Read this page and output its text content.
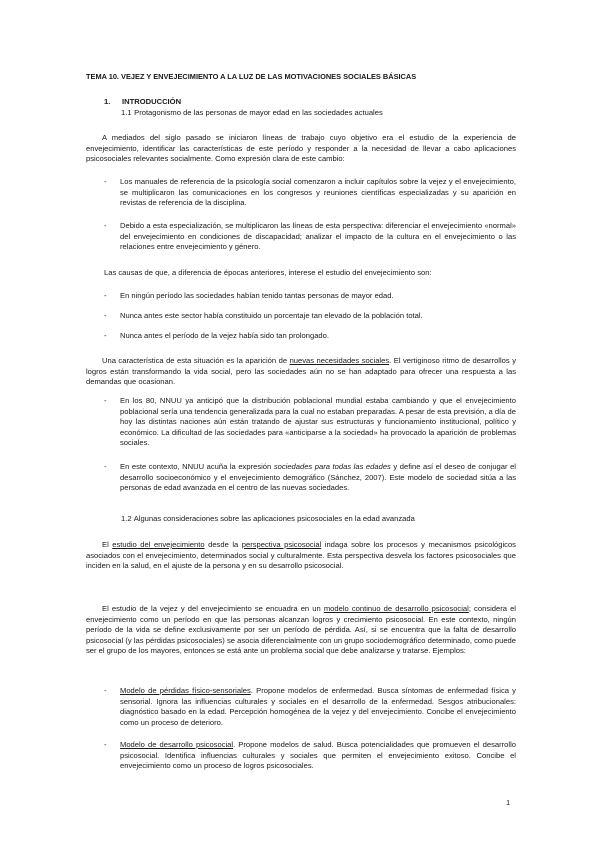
TEMA 10. VEJEZ Y ENVEJECIMIENTO A LA LUZ DE LAS MOTIVACIONES SOCIALES BÁSICAS
1. INTRODUCCIÓN
1.1 Protagonismo de las personas de mayor edad en las sociedades actuales
A mediados del siglo pasado se iniciaron líneas de trabajo cuyo objetivo era el estudio de la experiencia de envejecimiento, identificar las características de este período y responder a la necesidad de llevar a cabo aplicaciones psicosociales relevantes socialmente. Como expresión clara de este cambio:
- Los manuales de referencia de la psicología social comenzaron a incluir capítulos sobre la vejez y el envejecimiento, se multiplicaron las comunicaciones en los congresos y reuniones científicas especializadas y su aparición en revistas de referencia de la disciplina.
- Debido a esta especialización, se multiplicaron las líneas de esta perspectiva: diferenciar el envejecimiento «normal» del envejecimiento en condiciones de discapacidad; analizar el impacto de la cultura en el envejecimiento o las relaciones entre envejecimiento y género.
Las causas de que, a diferencia de épocas anteriores, interese el estudio del envejecimiento son:
- En ningún período las sociedades habían tenido tantas personas de mayor edad.
- Nunca antes este sector había constituido un porcentaje tan elevado de la población total.
- Nunca antes el período de la vejez había sido tan prolongado.
Una característica de esta situación es la aparición de nuevas necesidades sociales. El vertiginoso ritmo de desarrollos y logros están transformando la vida social, pero las sociedades aún no se han adaptado para ofrecer una respuesta a las demandas que ocasionan.
- En los 80, NNUU ya anticipó que la distribución poblacional mundial estaba cambiando y que el envejecimiento poblacional sería una tendencia generalizada para la cual no estaban preparadas. A pesar de esta previsión, a día de hoy las distintas naciones aún están tratando de ajustar sus estructuras y funcionamiento institucional, político y económico. La dificultad de las sociedades para «anticiparse a la sociedad» ha provocado la aparición de problemas sociales.
- En este contexto, NNUU acuña la expresión sociedades para todas las edades y define así el deseo de conjugar el desarrollo socioeconómico y el envejecimiento demográfico (Sánchez, 2007). Este modelo de sociedad sitúa a las personas de edad avanzada en el centro de las nuevas sociedades.
1.2 Algunas consideraciones sobre las aplicaciones psicosociales en la edad avanzada
El estudio del envejecimiento desde la perspectiva psicosocial indaga sobre los procesos y mecanismos psicológicos asociados con el envejecimiento, determinados social y culturalmente. Esta perspectiva desvela los factores psicosociales que inciden en la salud, en el ajuste de la persona y en su desarrollo psicosocial.
El estudio de la vejez y del envejecimiento se encuadra en un modelo continuo de desarrollo psicosocial; considera el envejecimiento como un período en que las personas alcanzan logros y crecimiento psicosocial. En este contexto, ningún período de la vida se define exclusivamente por ser un período de pérdida. Así, si se encuentra que la falta de desarrollo psicosocial (y las pérdidas psicosociales) se asocia diferencialmente con un grupo sociodemográfico determinado, como puede ser el grupo de los mayores, entonces se está ante un problema social que debe analizarse y tratarse. Ejemplos:
- Modelo de pérdidas físico-sensoriales. Propone modelos de enfermedad. Busca síntomas de enfermedad física y sensorial. Ignora las influencias culturales y sociales en el desarrollo de la enfermedad. Sesgos atribucionales: diagnóstico basado en la edad. Percepción homogénea de la vejez y del envejecimiento. Concibe el envejecimiento como un proceso de deterioro.
- Modelo de desarrollo psicosocial. Propone modelos de salud. Busca potencialidades que promueven el desarrollo psicosocial. Identifica influencias culturales y sociales que permiten el envejecimiento exitoso. Concibe el envejecimiento como un proceso de logros psicosociales.
1
